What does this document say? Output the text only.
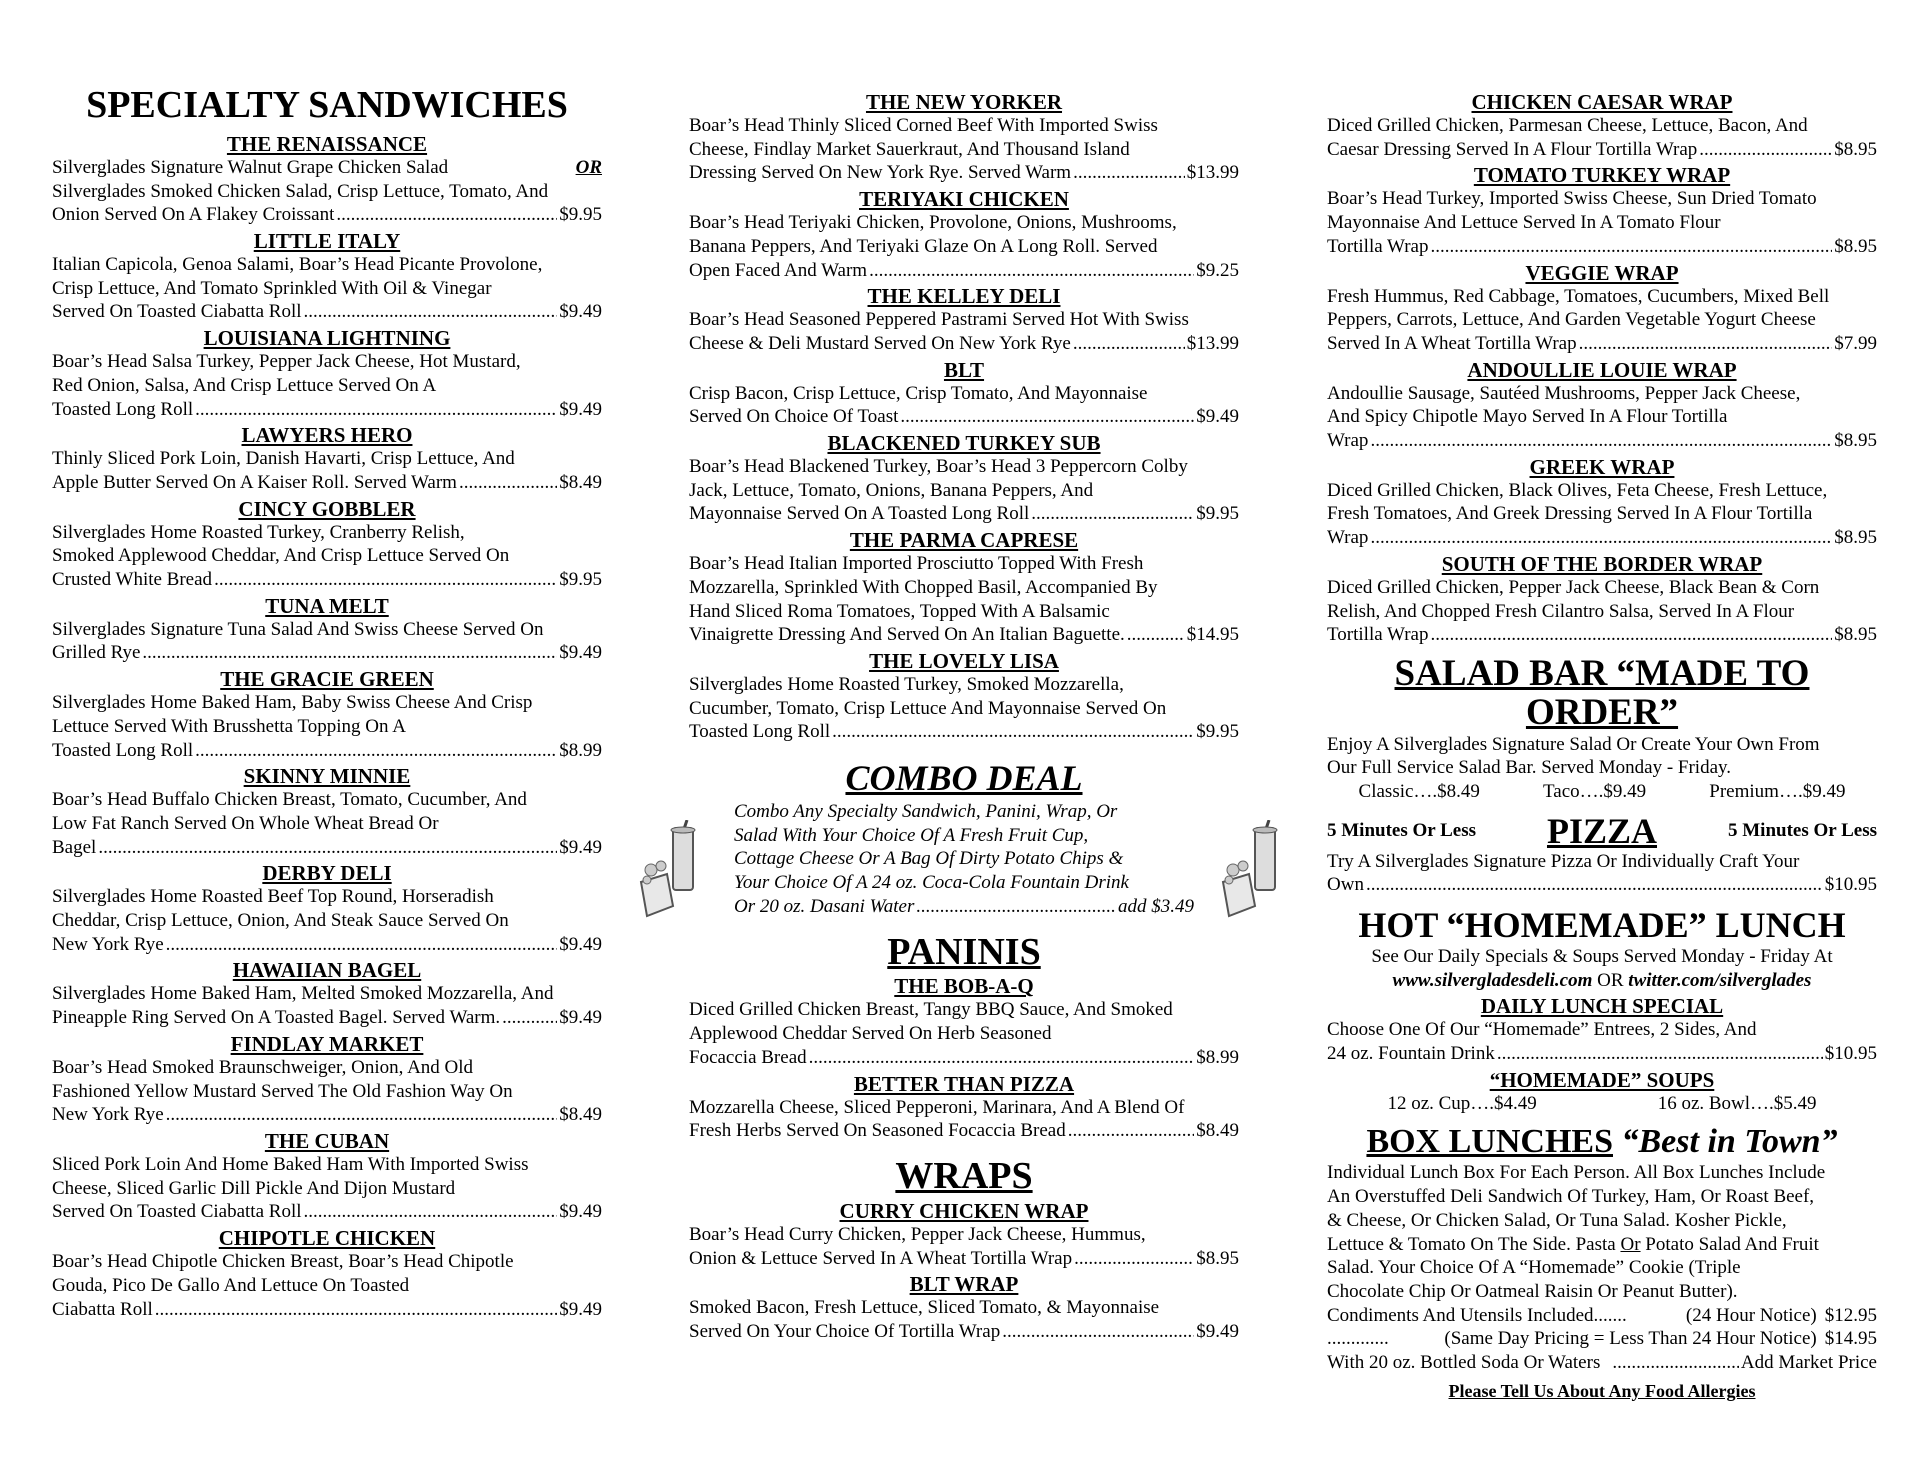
SPECIALTY SANDWICHES
THE RENAISSANCE
Silverglades Signature Walnut Grape Chicken Salad	OR
Silverglades Smoked Chicken Salad, Crisp Lettuce, Tomato, And
Onion Served On A Flakey Croissant .....	$9.95
LITTLE ITALY
Italian Capicola, Genoa Salami, Boar’s Head Picante Provolone,
Crisp Lettuce, And Tomato Sprinkled With Oil & Vinegar
Served On Toasted Ciabatta Roll .....	$9.49
LOUISIANA LIGHTNING
Boar’s Head Salsa Turkey, Pepper Jack Cheese, Hot Mustard,
Red Onion, Salsa, And Crisp Lettuce Served On A
Toasted Long Roll .....	$9.49
LAWYERS HERO
Thinly Sliced Pork Loin, Danish Havarti, Crisp Lettuce, And
Apple Butter Served On A Kaiser Roll. Served Warm .....	$8.49
CINCY GOBBLER
Silverglades Home Roasted Turkey, Cranberry Relish,
Smoked Applewood Cheddar, And Crisp Lettuce Served On
Crusted White Bread .....	$9.95
TUNA MELT
Silverglades Signature Tuna Salad And Swiss Cheese Served On
Grilled Rye .....	$9.49
THE GRACIE GREEN
Silverglades Home Baked Ham, Baby Swiss Cheese And Crisp
Lettuce Served With Brusshetta Topping On A
Toasted Long Roll .....	$8.99
SKINNY MINNIE
Boar’s Head Buffalo Chicken Breast, Tomato, Cucumber, And
Low Fat Ranch Served On Whole Wheat Bread Or
Bagel .....	$9.49
DERBY DELI
Silverglades Home Roasted Beef Top Round, Horseradish
Cheddar, Crisp Lettuce, Onion, And Steak Sauce Served On
New York Rye .....	$9.49
HAWAIIAN BAGEL
Silverglades Home Baked Ham, Melted Smoked Mozzarella, And
Pineapple Ring Served On A Toasted Bagel. Served Warm. .....	$9.49
FINDLAY MARKET
Boar’s Head Smoked Braunschweiger, Onion, And Old
Fashioned Yellow Mustard Served The Old Fashion Way On
New York Rye .....	$8.49
THE CUBAN
Sliced Pork Loin And Home Baked Ham With Imported Swiss
Cheese, Sliced Garlic Dill Pickle And Dijon Mustard
Served On Toasted Ciabatta Roll .....	$9.49
CHIPOTLE CHICKEN
Boar’s Head Chipotle Chicken Breast, Boar’s Head Chipotle
Gouda, Pico De Gallo And Lettuce On Toasted
Ciabatta Roll .....	$9.49
THE NEW YORKER
Boar’s Head Thinly Sliced Corned Beef With Imported Swiss
Cheese, Findlay Market Sauerkraut, And Thousand Island
Dressing Served On New York Rye. Served Warm .....	$13.99
TERIYAKI CHICKEN
Boar’s Head Teriyaki Chicken, Provolone, Onions, Mushrooms,
Banana Peppers, And Teriyaki Glaze On A Long Roll. Served
Open Faced And Warm .....	$9.25
THE KELLEY DELI
Boar’s Head Seasoned Peppered Pastrami Served Hot With Swiss
Cheese & Deli Mustard Served On New York Rye .....	$13.99
BLT
Crisp Bacon, Crisp Lettuce, Crisp Tomato, And Mayonnaise
Served On Choice Of Toast .....	$9.49
BLACKENED TURKEY SUB
Boar’s Head Blackened Turkey, Boar’s Head 3 Peppercorn Colby
Jack, Lettuce, Tomato, Onions, Banana Peppers, And
Mayonnaise Served On A Toasted Long Roll .....	$9.95
THE PARMA CAPRESE
Boar’s Head Italian Imported Prosciutto Topped With Fresh
Mozzarella, Sprinkled With Chopped Basil, Accompanied By
Hand Sliced Roma Tomatoes, Topped With A Balsamic
Vinaigrette Dressing And Served On An Italian Baguette. .....	$14.95
THE LOVELY LISA
Silverglades Home Roasted Turkey, Smoked Mozzarella,
Cucumber, Tomato, Crisp Lettuce And Mayonnaise Served On
Toasted Long Roll .....	$9.95
COMBO DEAL
Combo Any Specialty Sandwich, Panini, Wrap, Or
Salad With Your Choice Of A Fresh Fruit Cup,
Cottage Cheese Or A Bag Of Dirty Potato Chips &
Your Choice Of A 24 oz. Coca-Cola Fountain Drink
Or 20 oz. Dasani Water .....	add $3.49
PANINIS
THE BOB-A-Q
Diced Grilled Chicken Breast, Tangy BBQ Sauce, And Smoked
Applewood Cheddar Served On Herb Seasoned
Focaccia Bread .....	$8.99
BETTER THAN PIZZA
Mozzarella Cheese, Sliced Pepperoni, Marinara, And A Blend Of
Fresh Herbs Served On Seasoned Focaccia Bread .....	$8.49
WRAPS
CURRY CHICKEN WRAP
Boar’s Head Curry Chicken, Pepper Jack Cheese, Hummus,
Onion & Lettuce Served In A Wheat Tortilla Wrap .....	$8.95
BLT WRAP
Smoked Bacon, Fresh Lettuce, Sliced Tomato, & Mayonnaise
Served On Your Choice Of Tortilla Wrap .....	$9.49
CHICKEN CAESAR WRAP
Diced Grilled Chicken, Parmesan Cheese, Lettuce, Bacon, And
Caesar Dressing Served In A Flour Tortilla Wrap .....	$8.95
TOMATO TURKEY WRAP
Boar’s Head Turkey, Imported Swiss Cheese, Sun Dried Tomato
Mayonnaise And Lettuce Served In A Tomato Flour
Tortilla Wrap .....	$8.95
VEGGIE WRAP
Fresh Hummus, Red Cabbage, Tomatoes, Cucumbers, Mixed Bell
Peppers, Carrots, Lettuce, And Garden Vegetable Yogurt Cheese
Served In A Wheat Tortilla Wrap .....	$7.99
ANDOULLIE LOUIE WRAP
Andoullie Sausage, Sautéed Mushrooms, Pepper Jack Cheese,
And Spicy Chipotle Mayo Served In A Flour Tortilla
Wrap .....	$8.95
GREEK WRAP
Diced Grilled Chicken, Black Olives, Feta Cheese, Fresh Lettuce,
Fresh Tomatoes, And Greek Dressing Served In A Flour Tortilla
Wrap .....	$8.95
SOUTH OF THE BORDER WRAP
Diced Grilled Chicken, Pepper Jack Cheese, Black Bean & Corn
Relish, And Chopped Fresh Cilantro Salsa, Served In A Flour
Tortilla Wrap .....	$8.95
SALAD BAR “MADE TO ORDER”
Enjoy A Silverglades Signature Salad Or Create Your Own From
Our Full Service Salad Bar. Served Monday - Friday.
Classic….$8.49	Taco….$9.49	Premium….$9.49
5 Minutes Or Less PIZZA	5 Minutes Or Less
Try A Silverglades Signature Pizza Or Individually Craft Your
Own .....	$10.95
HOT “HOMEMADE” LUNCH
See Our Daily Specials & Soups Served Monday - Friday At
www.silvergladesdeli.com OR twitter.com/silverglades
DAILY LUNCH SPECIAL
Choose One Of Our “Homemade” Entrees, 2 Sides, And
24 oz. Fountain Drink .....	$10.95
“HOMEMADE” SOUPS
12 oz. Cup….$4.49	16 oz. Bowl….$5.49
BOX LUNCHES “Best in Town”
Individual Lunch Box For Each Person. All Box Lunches Include
An Overstuffed Deli Sandwich Of Turkey, Ham, Or Roast Beef,
& Cheese, Or Chicken Salad, Or Tuna Salad. Kosher Pickle,
Lettuce & Tomato On The Side. Pasta Or Potato Salad And Fruit
Salad. Your Choice Of A “Homemade” Cookie (Triple
Chocolate Chip Or Oatmeal Raisin Or Peanut Butter).
Condiments And Utensils Included.......	(24 Hour Notice) $12.95
.............	(Same Day Pricing = Less Than 24 Hour Notice) $14.95
With 20 oz. Bottled Soda Or Waters .....	Add Market Price
Please Tell Us About Any Food Allergies
